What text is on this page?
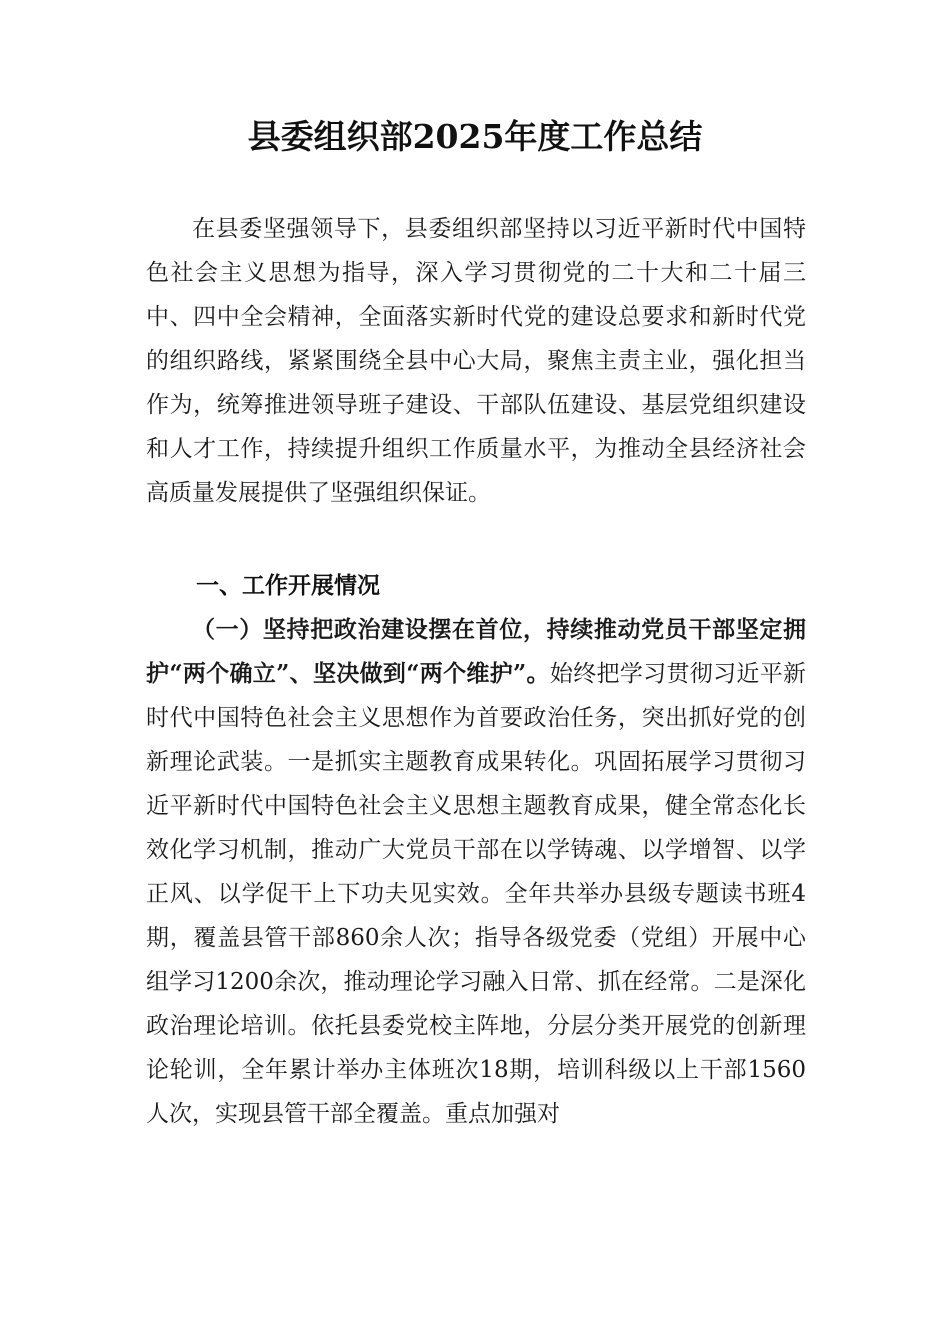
县委组织部2025年度工作总结

在县委坚强领导下，县委组织部坚持以习近平新时代中国特色社会主义思想为指导，深入学习贯彻党的二十大和二十届三中、四中全会精神，全面落实新时代党的建设总要求和新时代党的组织路线，紧紧围绕全县中心大局，聚焦主责主业，强化担当作为，统筹推进领导班子建设、干部队伍建设、基层党组织建设和人才工作，持续提升组织工作质量水平，为推动全县经济社会高质量发展提供了坚强组织保证。

一、工作开展情况

（一）坚持把政治建设摆在首位，持续推动党员干部坚定拥护“两个确立”、坚决做到“两个维护”。始终把学习贯彻习近平新时代中国特色社会主义思想作为首要政治任务，突出抓好党的创新理论武装。一是抓实主题教育成果转化。巩固拓展学习贯彻习近平新时代中国特色社会主义思想主题教育成果，健全常态化长效化学习机制，推动广大党员干部在以学铸魂、以学增智、以学正风、以学促干上下功夫见实效。全年共举办县级专题读书班4期，覆盖县管干部860余人次；指导各级党委（党组）开展中心组学习1200余次，推动理论学习融入日常、抓在经常。二是深化政治理论培训。依托县委党校主阵地，分层分类开展党的创新理论轮训，全年累计举办主体班次18期，培训科级以上干部1560人次，实现县管干部全覆盖。重点加强对
